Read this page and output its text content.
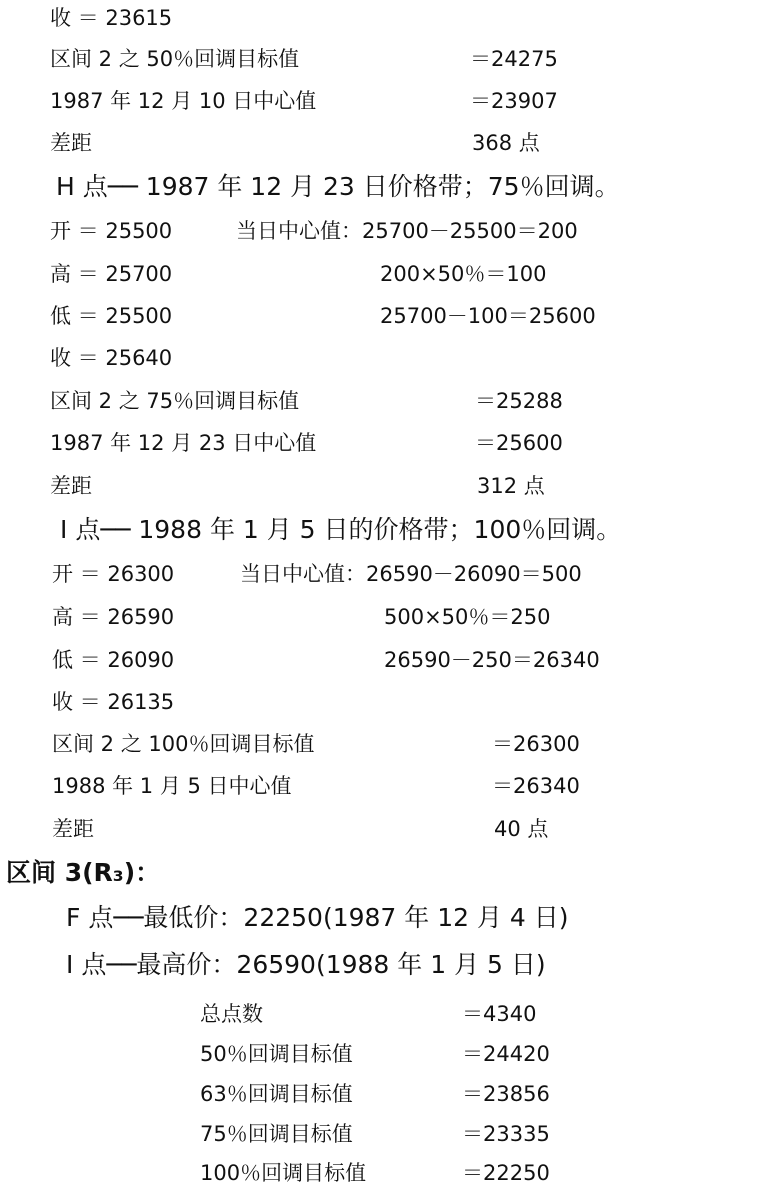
收 ＝ 23615
区间 2 之 50％回调目标值	＝24275
1987 年 12 月 10 日中心值	＝23907
差距	368 点
H 点── 1987 年 12 月 23 日价格带；75％回调。
开 ＝ 25500	当日中心值：25700－25500＝200
高 ＝ 25700	200×50％＝100
低 ＝ 25500	25700－100＝25600
收 ＝ 25640
区间 2 之 75％回调目标值	＝25288
1987 年 12 月 23 日中心值	＝25600
差距	312 点
I 点── 1988 年 1 月 5 日的价格带；100％回调。
开 ＝ 26300	当日中心值：26590－26090＝500
高 ＝ 26590	500×50％＝250
低 ＝ 26090	26590－250＝26340
收 ＝ 26135
区间 2 之 100％回调目标值	＝26300
1988 年 1 月 5 日中心值	＝26340
差距	40 点
区间 3(R₃)：
F 点──最低价：22250(1987 年 12 月 4 日)
I 点──最高价：26590(1988 年 1 月 5 日)
总点数	＝4340
50％回调目标值	＝24420
63％回调目标值	＝23856
75％回调目标值	＝23335
100％回调目标值	＝22250
